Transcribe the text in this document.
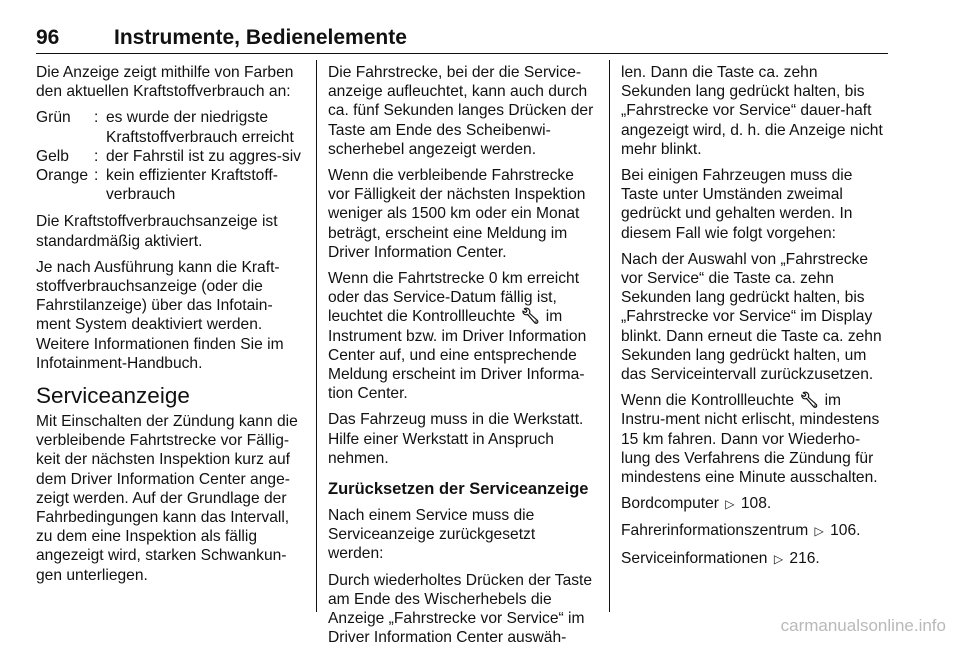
96	Instrumente, Bedienelemente

Die Anzeige zeigt mithilfe von Farben den aktuellen Kraftstoffverbrauch an:

Grün	:	es wurde der niedrigste Kraftstoffverbrauch erreicht
Gelb	:	der Fahrstil ist zu aggres-siv
Orange	:	kein effizienter Kraftstoff-verbrauch

Die Kraftstoffverbrauchsanzeige ist standardmäßig aktiviert.

Je nach Ausführung kann die Kraft-stoffverbrauchsanzeige (oder die Fahrstilanzeige) über das Infotain-ment System deaktiviert werden. Weitere Informationen finden Sie im Infotainment-Handbuch.

Serviceanzeige

Mit Einschalten der Zündung kann die verbleibende Fahrtstrecke vor Fällig-keit der nächsten Inspektion kurz auf dem Driver Information Center ange-zeigt werden. Auf der Grundlage der Fahrbedingungen kann das Intervall, zu dem eine Inspektion als fällig angezeigt wird, starken Schwankun-gen unterliegen.

Die Fahrstrecke, bei der die Service-anzeige aufleuchtet, kann auch durch ca. fünf Sekunden langes Drücken der Taste am Ende des Scheibenwi-scherhebel angezeigt werden.

Wenn die verbleibende Fahrstrecke vor Fälligkeit der nächsten Inspektion weniger als 1500 km oder ein Monat beträgt, erscheint eine Meldung im Driver Information Center.

Wenn die Fahrtstrecke 0 km erreicht oder das Service-Datum fällig ist, leuchtet die Kontrollleuchte 🔧︎ im Instrument bzw. im Driver Information Center auf, und eine entsprechende Meldung erscheint im Driver Informa-tion Center.

Das Fahrzeug muss in die Werkstatt. Hilfe einer Werkstatt in Anspruch nehmen.

Zurücksetzen der Serviceanzeige

Nach einem Service muss die Serviceanzeige zurückgesetzt werden:

Durch wiederholtes Drücken der Taste am Ende des Wischerhebels die Anzeige „Fahrstrecke vor Service“ im Driver Information Center auswäh-

len. Dann die Taste ca. zehn Sekunden lang gedrückt halten, bis „Fahrstrecke vor Service“ dauer-haft angezeigt wird, d. h. die Anzeige nicht mehr blinkt.

Bei einigen Fahrzeugen muss die Taste unter Umständen zweimal gedrückt und gehalten werden. In diesem Fall wie folgt vorgehen:

Nach der Auswahl von „Fahrstrecke vor Service“ die Taste ca. zehn Sekunden lang gedrückt halten, bis „Fahrstrecke vor Service“ im Display blinkt. Dann erneut die Taste ca. zehn Sekunden lang gedrückt halten, um das Serviceintervall zurückzusetzen.

Wenn die Kontrollleuchte 🔧︎ im Instru-ment nicht erlischt, mindestens 15 km fahren. Dann vor Wiederho-lung des Verfahrens die Zündung für mindestens eine Minute ausschalten.

Bordcomputer ▷ 108.

Fahrerinformationszentrum ▷ 106.

Serviceinformationen ▷ 216.

carmanualsonline.info
